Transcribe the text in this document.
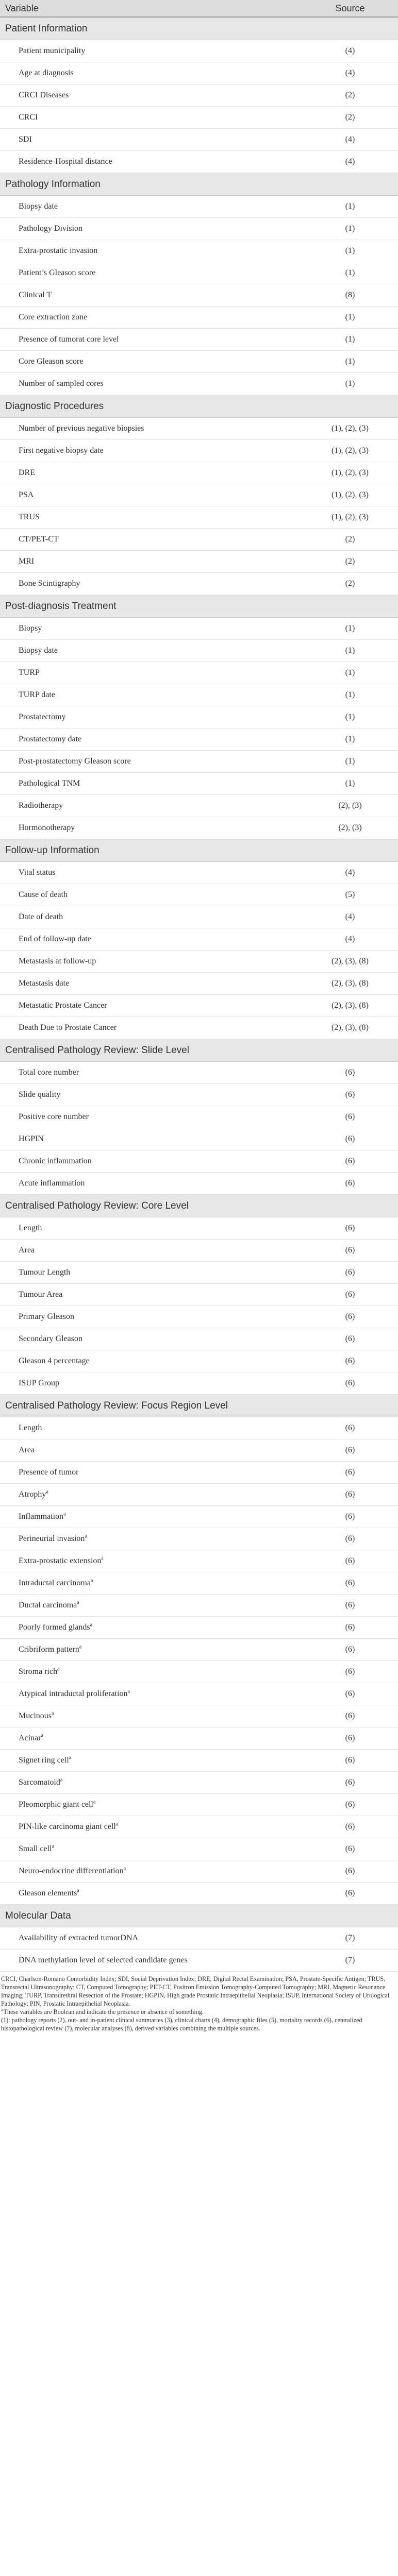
Variable	Source
Patient Information	
Patient municipality	(4)
Age at diagnosis	(4)
CRCI Diseases	(2)
CRCI	(2)
SDI	(4)
Residence-Hospital distance	(4)
Pathology Information	
Biopsy date	(1)
Pathology Division	(1)
Extra-prostatic invasion	(1)
Patient’s Gleason score	(1)
Clinical T	(8)
Core extraction zone	(1)
Presence of tumorat core level	(1)
Core Gleason score	(1)
Number of sampled cores	(1)
Diagnostic Procedures	
Number of previous negative biopsies	(1), (2), (3)
First negative biopsy date	(1), (2), (3)
DRE	(1), (2), (3)
PSA	(1), (2), (3)
TRUS	(1), (2), (3)
CT/PET-CT	(2)
MRI	(2)
Bone Scintigraphy	(2)
Post-diagnosis Treatment	
Biopsy	(1)
Biopsy date	(1)
TURP	(1)
TURP date	(1)
Prostatectomy	(1)
Prostatectomy date	(1)
Post-prostatectomy Gleason score	(1)
Pathological TNM	(1)
Radiotherapy	(2), (3)
Hormonotherapy	(2), (3)
Follow-up Information	
Vital status	(4)
Cause of death	(5)
Date of death	(4)
End of follow-up date	(4)
Metastasis at follow-up	(2), (3), (8)
Metastasis date	(2), (3), (8)
Metastatic Prostate Cancer	(2), (3), (8)
Death Due to Prostate Cancer	(2), (3), (8)
Centralised Pathology Review: Slide Level	
Total core number	(6)
Slide quality	(6)
Positive core number	(6)
HGPIN	(6)
Chronic inflammation	(6)
Acute inflammation	(6)
Centralised Pathology Review: Core Level	
Length	(6)
Area	(6)
Tumour Length	(6)
Tumour Area	(6)
Primary Gleason	(6)
Secondary Gleason	(6)
Gleason 4 percentage	(6)
ISUP Group	(6)
Centralised Pathology Review: Focus Region Level	
Length	(6)
Area	(6)
Presence of tumor	(6)
Atrophy$^a$	(6)
Inflammation$^a$	(6)
Perineurial invasion$^a$	(6)
Extra-prostatic extension$^a$	(6)
Intraductal carcinoma$^a$	(6)
Ductal carcinoma$^a$	(6)
Poorly formed glands$^a$	(6)
Cribriform pattern$^a$	(6)
Stroma rich$^a$	(6)
Atypical intraductal proliferation$^a$	(6)
Mucinous$^a$	(6)
Acinar$^a$	(6)
Signet ring cell$^a$	(6)
Sarcomatoid$^a$	(6)
Pleomorphic giant cell$^a$	(6)
PIN-like carcinoma giant cell$^a$	(6)
Small cell$^a$	(6)
Neuro-endocrine differentiation$^a$	(6)
Gleason elements$^a$	(6)
Molecular Data	
Availability of extracted tumorDNA	(7)
DNA methylation level of selected candidate genes	(7)

CRCI, Charlson-Romano Comorbidity Index; SDI, Social Deprivation Index; DRE, Digital Rectal Examination; PSA, Prostate-Specific Antigen; TRUS, Transrectal Ultrasonography; CT, Computed Tomography; PET-CT, Positron Emission Tomography-Computed Tomography; MRI, Magnetic Resonance Imaging; TURP, Transurethral Resection of the Prostate; HGPIN, High grade Prostatic Intraepithelial Neoplasia; ISUP, International Society of Urological Pathology; PIN, Prostatic Intraepithelial Neoplasia.

$^a$These variables are Boolean and indicate the presence or absence of something.

(1): pathology reports (2), out- and in-patient clinical summaries (3), clinical charts (4), demographic files (5), mortality records (6), centralized histopathological review (7), molecular analyses (8), derived variables combining the multiple sources.
